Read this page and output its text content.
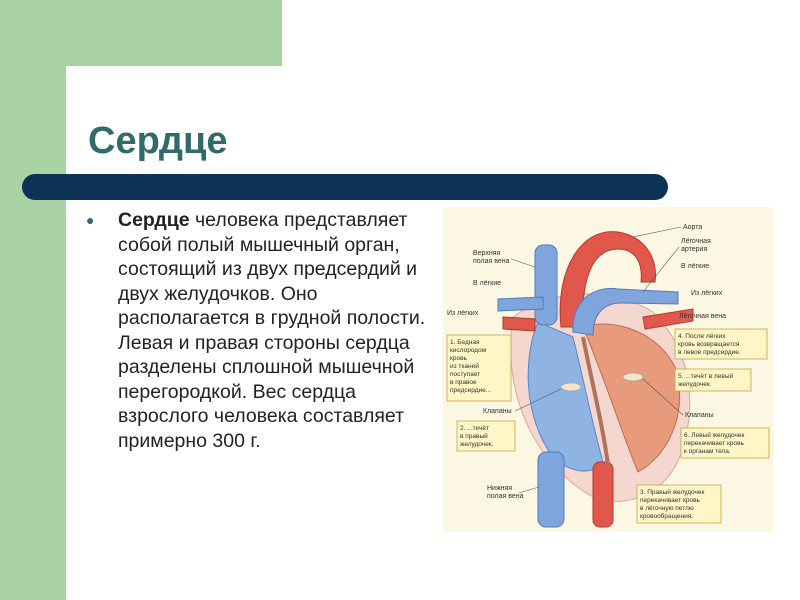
Сердце
● Сердце человека представляет собой полый мышечный орган, состоящий из двух предсердий и двух желудочков. Оно располагается в грудной полости. Левая и правая стороны сердца разделены сплошной мышечной перегородкой. Вес сердца взрослого человека составляет примерно 300 г.
Аорта
Лёгочная
артерия
В лёгкие
Из лёгких
Лёгочная вена
Верхняя
полая вена
В лёгкие
Из лёгких
Клапаны
Клапаны
Нижняя
полая вена
1. Бедная
кислородом
кровь
из тканей
поступает
в правое
предсердие...
2. ...течёт
в правый
желудочек.
3. Правый желудочек
перекачивает кровь
в лёгочную петлю
кровообращения.
4. После лёгких
кровь возвращается
в левое предсердие.
5. ...течёт в левый
желудочек.
6. Левый желудочек
перекачивает кровь
к органам тела.
